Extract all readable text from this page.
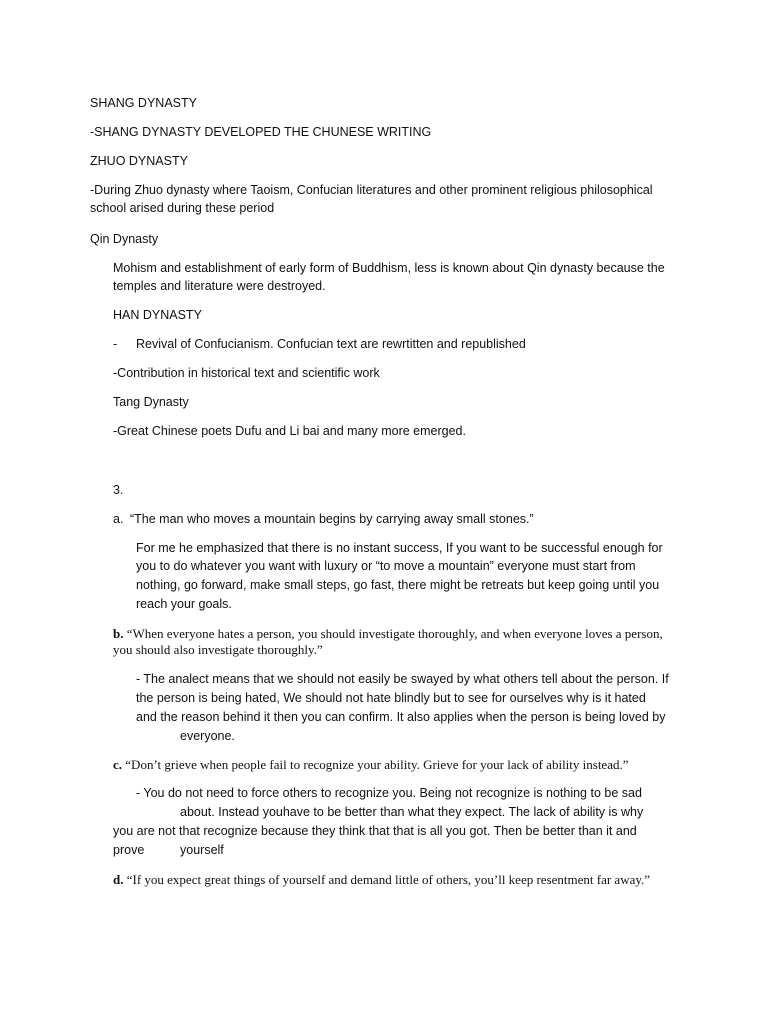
SHANG DYNASTY
-SHANG DYNASTY DEVELOPED THE CHUNESE WRITING
ZHUO DYNASTY
-During Zhuo dynasty where Taoism, Confucian literatures and other prominent religious philosophical
school arised during these period
Qin Dynasty
Mohism and establishment of early form of Buddhism, less is known about Qin dynasty because the
temples and literature were destroyed.
HAN DYNASTY
- Revival of Confucianism. Confucian text are rewrtitten and republished
-Contribution in historical text and scientific work
Tang Dynasty
-Great Chinese poets Dufu and Li bai and many more emerged.
3.
a. “The man who moves a mountain begins by carrying away small stones.”
For me he emphasized that there is no instant success, If you want to be successful enough for
you to do whatever you want with luxury or “to move a mountain” everyone must start from
nothing, go forward, make small steps, go fast, there might be retreats but keep going until you
reach your goals.
b. “When everyone hates a person, you should investigate thoroughly, and when everyone loves a person,
you should also investigate thoroughly.”
- The analect means that we should not easily be swayed by what others tell about the person. If
the person is being hated, We should not hate blindly but to see for ourselves why is it hated
and the reason behind it then you can confirm. It also applies when the person is being loved by
everyone.
c. “Don’t grieve when people fail to recognize your ability. Grieve for your lack of ability instead.”
- You do not need to force others to recognize you. Being not recognize is nothing to be sad
about. Instead youhave to be better than what they expect. The lack of ability is why
you are not that recognize because they think that that is all you got. Then be better than it and
prove	yourself
d. “If you expect great things of yourself and demand little of others, you’ll keep resentment far away.”
